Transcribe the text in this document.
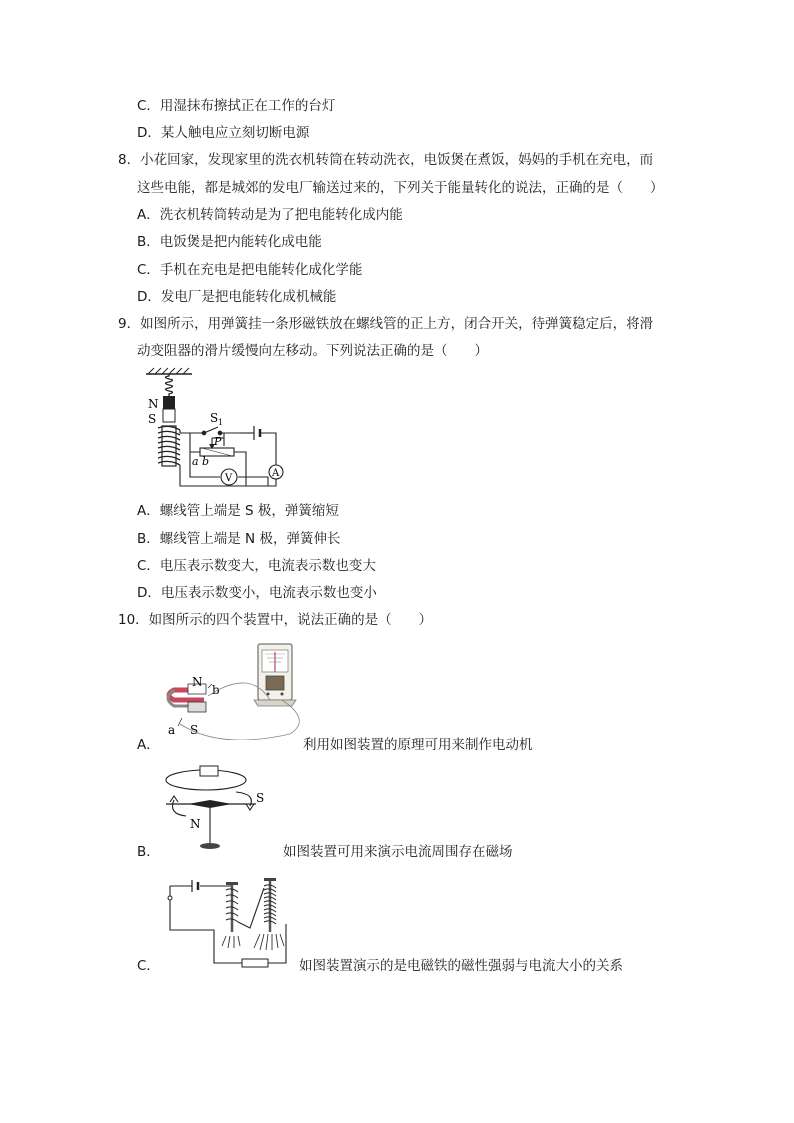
C．用湿抹布擦拭正在工作的台灯
D．某人触电应立刻切断电源
8．小花回家，发现家里的洗衣机转筒在转动洗衣，电饭煲在煮饭，妈妈的手机在充电，而
这些电能，都是城郊的发电厂输送过来的，下列关于能量转化的说法，正确的是（　　）
A．洗衣机转筒转动是为了把电能转化成内能
B．电饭煲是把内能转化成电能
C．手机在充电是把电能转化成化学能
D．发电厂是把电能转化成机械能
9．如图所示，用弹簧挂一条形磁铁放在螺线管的正上方，闭合开关，待弹簧稳定后，将滑
动变阻器的滑片缓慢向左移动。下列说法正确的是（　　）
N
S	S 1
A
P
a b
V
A．螺线管上端是 S 极，弹簧缩短
B．螺线管上端是 N 极，弹簧伸长
C．电压表示数变大，电流表示数也变大
D．电压表示数变小，电流表示数也变小
10．如图所示的四个装置中，说法正确的是（　　）
N
S
b
a
A．	利用如图装置的原理可用来制作电动机
N
S
B．	如图装置可用来演示电流周围存在磁场
C．	如图装置演示的是电磁铁的磁性强弱与电流大小的关系
